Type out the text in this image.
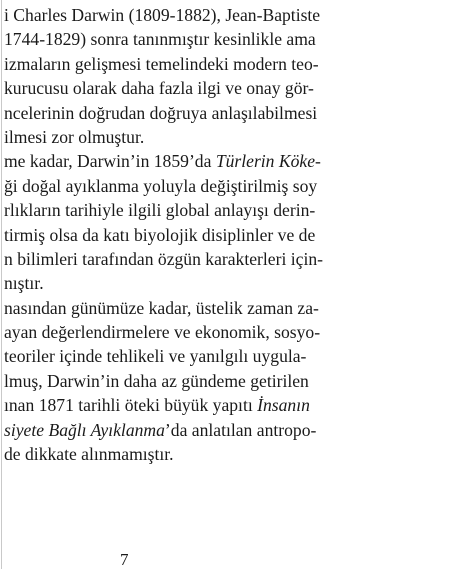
i Charles Darwin (1809-1882), Jean-Baptiste
1744-1829) sonra tanınmıştır kesinlikle ama
izmaların gelişmesi temelindeki modern teo-
kurucusu olarak daha fazla ilgi ve onay gör-
ncelerinin doğrudan doğruya anlaşılabilmesi
ilmesi zor olmuştur.
me kadar, Darwin’in 1859’da Türlerin Köke-
ği doğal ayıklanma yoluyla değiştirilmiş soy
rlıkların tarihiyle ilgili global anlayışı derin-
tirmiş olsa da katı biyolojik disiplinler ve de
n bilimleri tarafından özgün karakterleri için-
nıştır.
nasından günümüze kadar, üstelik zaman za-
ayan değerlendirmelere ve ekonomik, sosyo-
teoriler içinde tehlikeli ve yanılgılı uygula-
lmuş, Darwin’in daha az gündeme getirilen
ınan 1871 tarihli öteki büyük yapıtı İnsanın
siyete Bağlı Ayıklanma’da anlatılan antropo-
de dikkate alınmamıştır.
7
